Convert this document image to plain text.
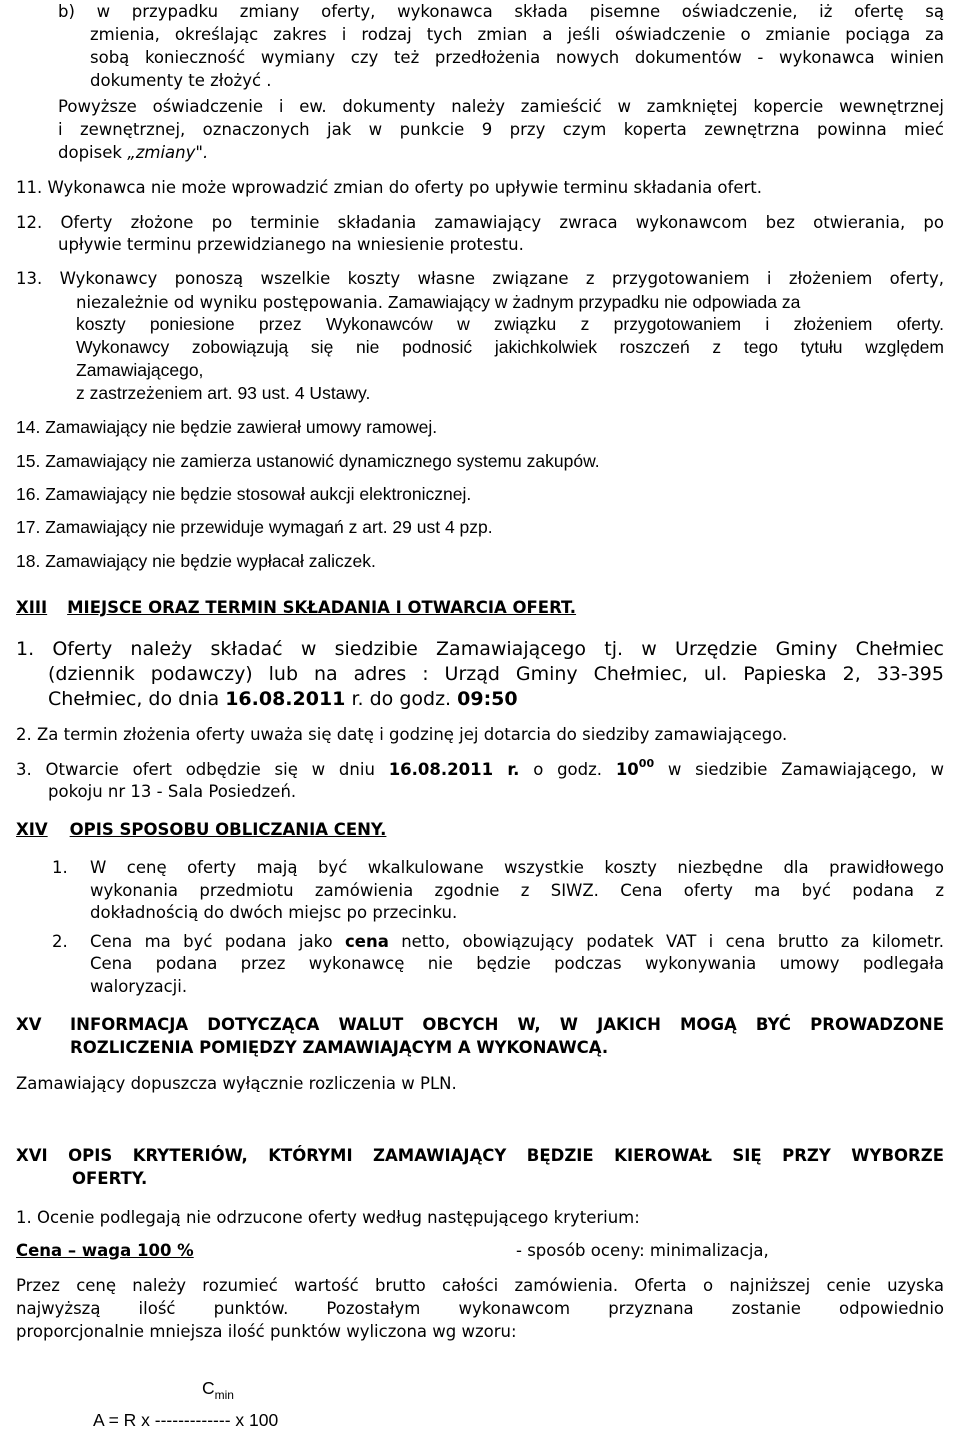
b) w przypadku zmiany oferty, wykonawca składa pisemne oświadczenie, iż ofertę są
zmienia, określając zakres i rodzaj tych zmian a jeśli oświadczenie o zmianie pociąga za
sobą konieczność wymiany czy też przedłożenia nowych dokumentów - wykonawca winien
dokumenty te złożyć .
Powyższe oświadczenie i ew. dokumenty należy zamieścić w zamkniętej kopercie wewnętrznej
i zewnętrznej, oznaczonych jak w punkcie 9 przy czym koperta zewnętrzna powinna mieć
dopisek „zmiany".
11. Wykonawca nie może wprowadzić zmian do oferty po upływie terminu składania ofert.
12. Oferty złożone po terminie składania zamawiający zwraca wykonawcom bez otwierania, po
upływie terminu przewidzianego na wniesienie protestu.
13. Wykonawcy ponoszą wszelkie koszty własne związane z przygotowaniem i złożeniem oferty,
niezależnie od wyniku postępowania. Zamawiający w żadnym przypadku nie odpowiada za
koszty poniesione przez Wykonawców w związku z przygotowaniem i złożeniem oferty.
Wykonawcy zobowiązują się nie podnosić jakichkolwiek roszczeń z tego tytułu względem
Zamawiającego,
z zastrzeżeniem art. 93 ust. 4 Ustawy.
14. Zamawiający nie będzie zawierał umowy ramowej.
15. Zamawiający nie zamierza ustanowić dynamicznego systemu zakupów.
16. Zamawiający nie będzie stosował aukcji elektronicznej.
17. Zamawiający nie przewiduje wymagań z art. 29 ust 4 pzp.
18. Zamawiający nie będzie wypłacał zaliczek.
XIII MIEJSCE ORAZ TERMIN SKŁADANIA I OTWARCIA OFERT.
1. Oferty należy składać w siedzibie Zamawiającego tj. w Urzędzie Gminy Chełmiec
(dziennik podawczy) lub na adres : Urząd Gminy Chełmiec, ul. Papieska 2, 33-395
Chełmiec, do dnia 16.08.2011 r. do godz. 09:50
2. Za termin złożenia oferty uważa się datę i godzinę jej dotarcia do siedziby zamawiającego.
3. Otwarcie ofert odbędzie się w dniu 16.08.2011 r. o godz. $10^{00}$ w siedzibie Zamawiającego, w
pokoju nr 13 - Sala Posiedzeń.
XIV OPIS SPOSOBU OBLICZANIA CENY.
1. W cenę oferty mają być wkalkulowane wszystkie koszty niezbędne dla prawidłowego
wykonania przedmiotu zamówienia zgodnie z SIWZ. Cena oferty ma być podana z
dokładnością do dwóch miejsc po przecinku.
2. Cena ma być podana jako cena netto, obowiązujący podatek VAT i cena brutto za kilometr.
Cena podana przez wykonawcę nie będzie podczas wykonywania umowy podlegała
waloryzacji.
XV INFORMACJA DOTYCZĄCA WALUT OBCYCH W, W JAKICH MOGĄ BYĆ PROWADZONE
ROZLICZENIA POMIĘDZY ZAMAWIAJĄCYM A WYKONAWCĄ.
Zamawiający dopuszcza wyłącznie rozliczenia w PLN.
XVI OPIS KRYTERIÓW, KTÓRYMI ZAMAWIAJĄCY BĘDZIE KIEROWAŁ SIĘ PRZY WYBORZE
OFERTY.
1. Ocenie podlegają nie odrzucone oferty według następującego kryterium:
Cena – waga 100 %	- sposób oceny: minimalizacja,
Przez cenę należy rozumieć wartość brutto całości zamówienia. Oferta o najniższej cenie uzyska
najwyższą ilość punktów. Pozostałym wykonawcom przyznana zostanie odpowiednio
proporcjonalnie mniejsza ilość punktów wyliczona wg wzoru:
$C_{min}$
A = R x ------------- x 100
